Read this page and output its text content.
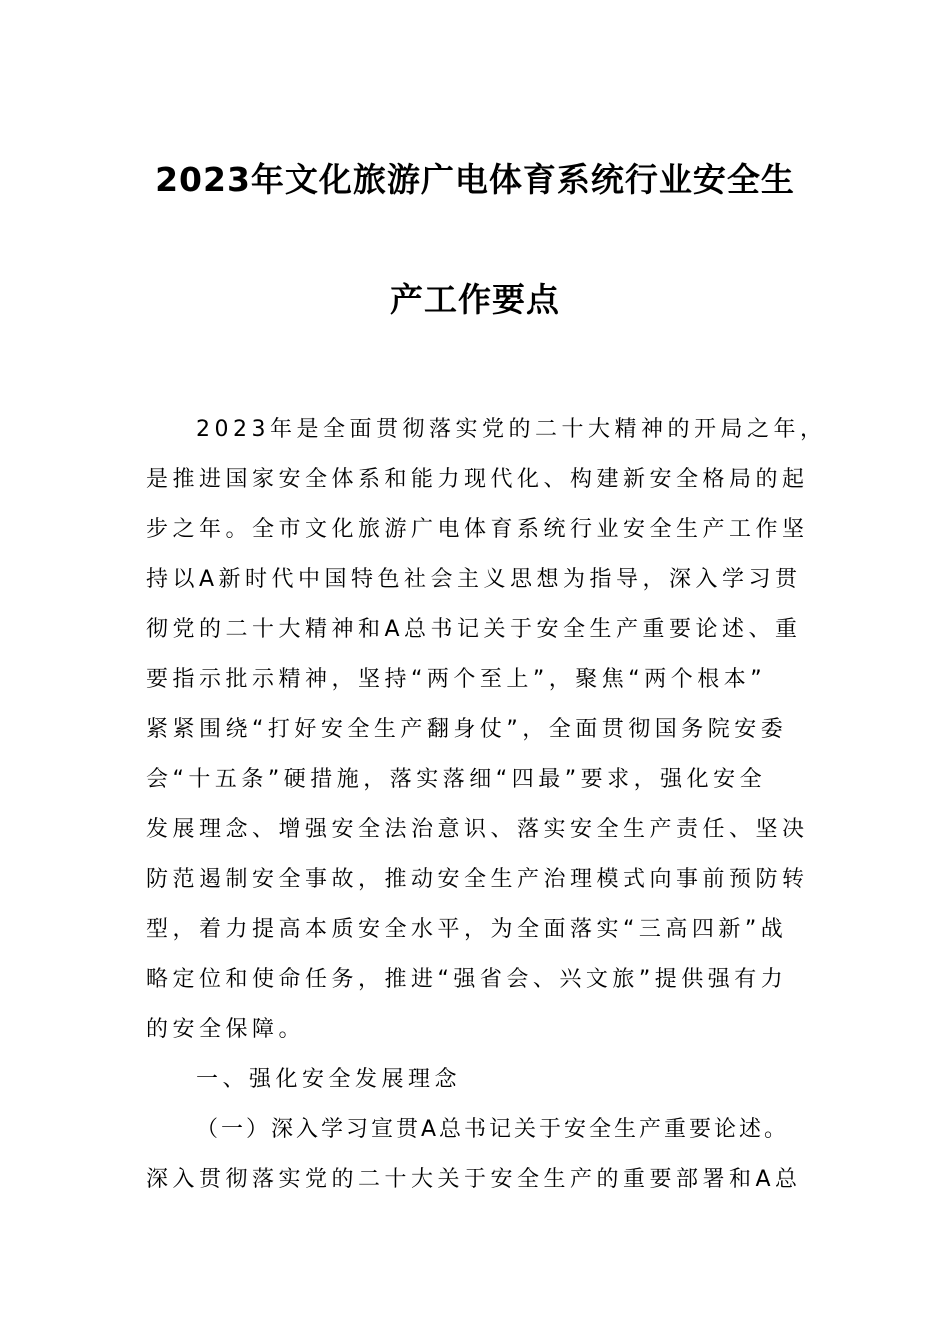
2023年文化旅游广电体育系统行业安全生
产工作要点
2023年是全面贯彻落实党的二十大精神的开局之年，
是推进国家安全体系和能力现代化、构建新安全格局的起
步之年。全市文化旅游广电体育系统行业安全生产工作坚
持以A新时代中国特色社会主义思想为指导，深入学习贯
彻党的二十大精神和A总书记关于安全生产重要论述、重
要指示批示精神，坚持“两个至上”，聚焦“两个根本”
紧紧围绕“打好安全生产翻身仗”，全面贯彻国务院安委
会“十五条”硬措施，落实落细“四最”要求，强化安全
发展理念、增强安全法治意识、落实安全生产责任、坚决
防范遏制安全事故，推动安全生产治理模式向事前预防转
型，着力提高本质安全水平，为全面落实“三高四新”战
略定位和使命任务，推进“强省会、兴文旅”提供强有力
的安全保障。
一、强化安全发展理念
（一）深入学习宣贯A总书记关于安全生产重要论述。
深入贯彻落实党的二十大关于安全生产的重要部署和A总
